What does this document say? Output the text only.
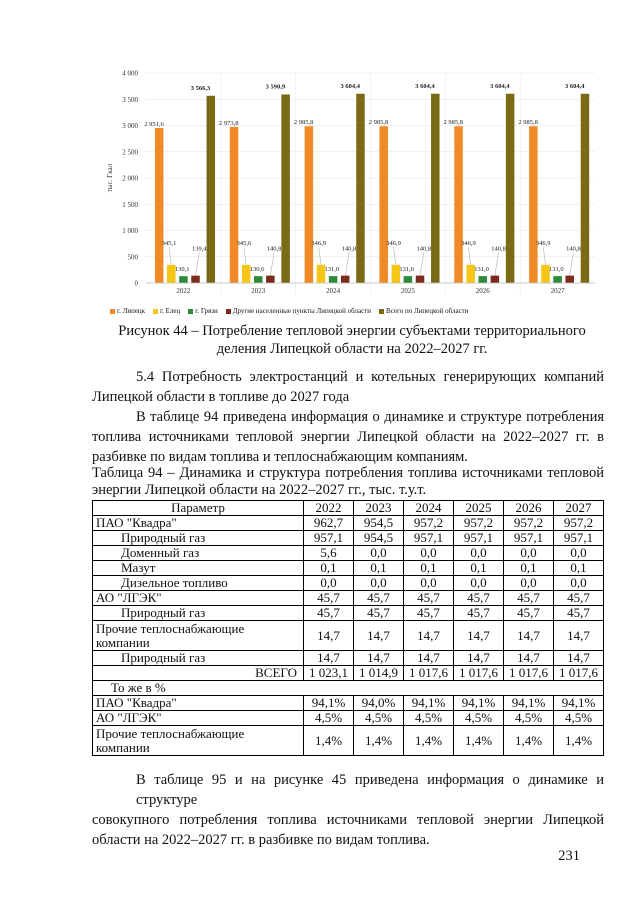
0
500
1 000
1 500
2 000
2 500
3 000
3 500
4 000
тыс. Гкал
2 951,6
345,1
130,1
139,4
3 566,3
2022
2 973,8
345,6
130,6
140,8
3 590,9
2023
2 985,8
346,9
131,0
140,8
3 604,4
2024
2 985,8
346,9
131,0
140,8
3 604,4
2025
2 985,8
346,9
131,0
140,8
3 604,4
2026
2 985,8
346,9
131,0
140,8
3 604,4
2027
г. Липецк г. Елец г. Грязи Другие населенные пункты Липецкой области Всего по Липецкой области
Рисунок 44 – Потребление тепловой энергии субъектами территориального
деления Липецкой области на 2022–2027 гг.
5.4 Потребность электростанций и котельных генерирующих компаний
Липецкой области в топливе до 2027 года
В таблице 94 приведена информация о динамике и структуре потребления
топлива источниками тепловой энергии Липецкой области на 2022–2027 гг. в
разбивке по видам топлива и теплоснабжающим компаниям.
Таблица 94 – Динамика и структура потребления топлива источниками тепловой
энергии Липецкой области на 2022–2027 гг., тыс. т.у.т.
Параметр	2022	2023	2024	2025	2026	2027
ПАО "Квадра"	962,7	954,5	957,2	957,2	957,2	957,2
Природный газ	957,1	954,5	957,1	957,1	957,1	957,1
Доменный газ	5,6	0,0	0,0	0,0	0,0	0,0
Мазут	0,1	0,1	0,1	0,1	0,1	0,1
Дизельное топливо	0,0	0,0	0,0	0,0	0,0	0,0
АО "ЛГЭК"	45,7	45,7	45,7	45,7	45,7	45,7
Природный газ	45,7	45,7	45,7	45,7	45,7	45,7

Прочие теплоснабжающие
компании	14,7	14,7	14,7	14,7	14,7	14,7
Природный газ	14,7	14,7	14,7	14,7	14,7	14,7
ВСЕГО	1 023,1	1 014,9	1 017,6	1 017,6	1 017,6	1 017,6
То же в %						
ПАО "Квадра"	94,1%	94,0%	94,1%	94,1%	94,1%	94,1%
АО "ЛГЭК"	4,5%	4,5%	4,5%	4,5%	4,5%	4,5%

Прочие теплоснабжающие
компании	1,4%	1,4%	1,4%	1,4%	1,4%	1,4%
В таблице 95 и на рисунке 45 приведена информация о динамике и структуре
совокупного потребления топлива источниками тепловой энергии Липецкой
области на 2022–2027 гг. в разбивке по видам топлива.
231
